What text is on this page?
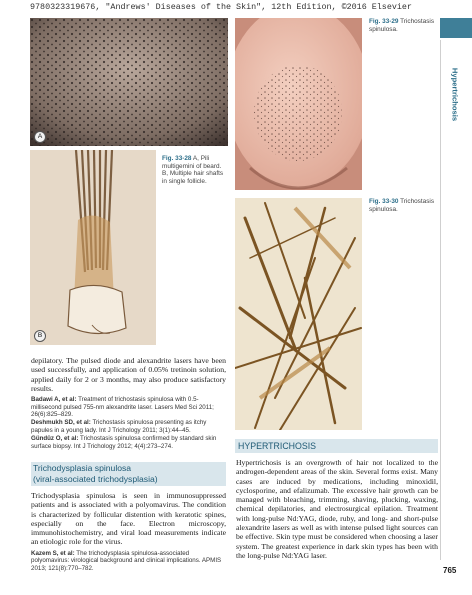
9780323319676, "Andrews' Diseases of the Skin", 12th Edition, ©2016 Elsevier
Hypertrichosis
A
B
Fig. 33-28 A, Pili multigemini of beard. B, Multiple hair shafts in single follicle.
Fig. 33-29 Trichostasis spinulosa.
Fig. 33-30 Trichostasis spinulosa.

depilatory. The pulsed diode and alexandrite lasers have been used successfully, and application of 0.05% tretinoin solution, applied daily for 2 or 3 months, may also produce satisfactory results.

Badawi A, et al: Treatment of trichostasis spinulosa with 0.5-millisecond pulsed 755-nm alexandrite laser. Lasers Med Sci 2011; 26(6):825–829.
Deshmukh SD, et al: Trichostasis spinulosa presenting as itchy papules in a young lady. Int J Trichology 2011; 3(1):44–45.
Gündüz O, et al: Trichostasis spinulosa confirmed by standard skin surface biopsy. Int J Trichology 2012; 4(4):273–274.
Trichodysplasia spinulosa
(viral-associated trichodysplasia)

Trichodysplasia spinulosa is seen in immunosuppressed patients and is associated with a polyomavirus. The condition is characterized by follicular distention with keratotic spines, especially on the face. Electron microscopy, immunohistochemistry, and viral load measurements indicate an etiologic role for the virus.

Kazem S, et al: The trichodysplasia spinulosa-associated polyomavirus: virological background and clinical implications. APMIS 2013; 121(8):770–782.
HYPERTRICHOSIS

Hypertrichosis is an overgrowth of hair not localized to the androgen-dependent areas of the skin. Several forms exist. Many cases are induced by medications, including minoxidil, cyclosporine, and efalizumab. The excessive hair growth can be managed with bleaching, trimming, shaving, plucking, waxing, chemical depilatories, and electrosurgical epilation. Treatment with long-pulse Nd:YAG, diode, ruby, and long- and short-pulse alexandrite lasers as well as with intense pulsed light sources can be effective. Skin type must be considered when choosing a laser system. The greatest experience in dark skin types has been with the long-pulse Nd:YAG laser.

765
